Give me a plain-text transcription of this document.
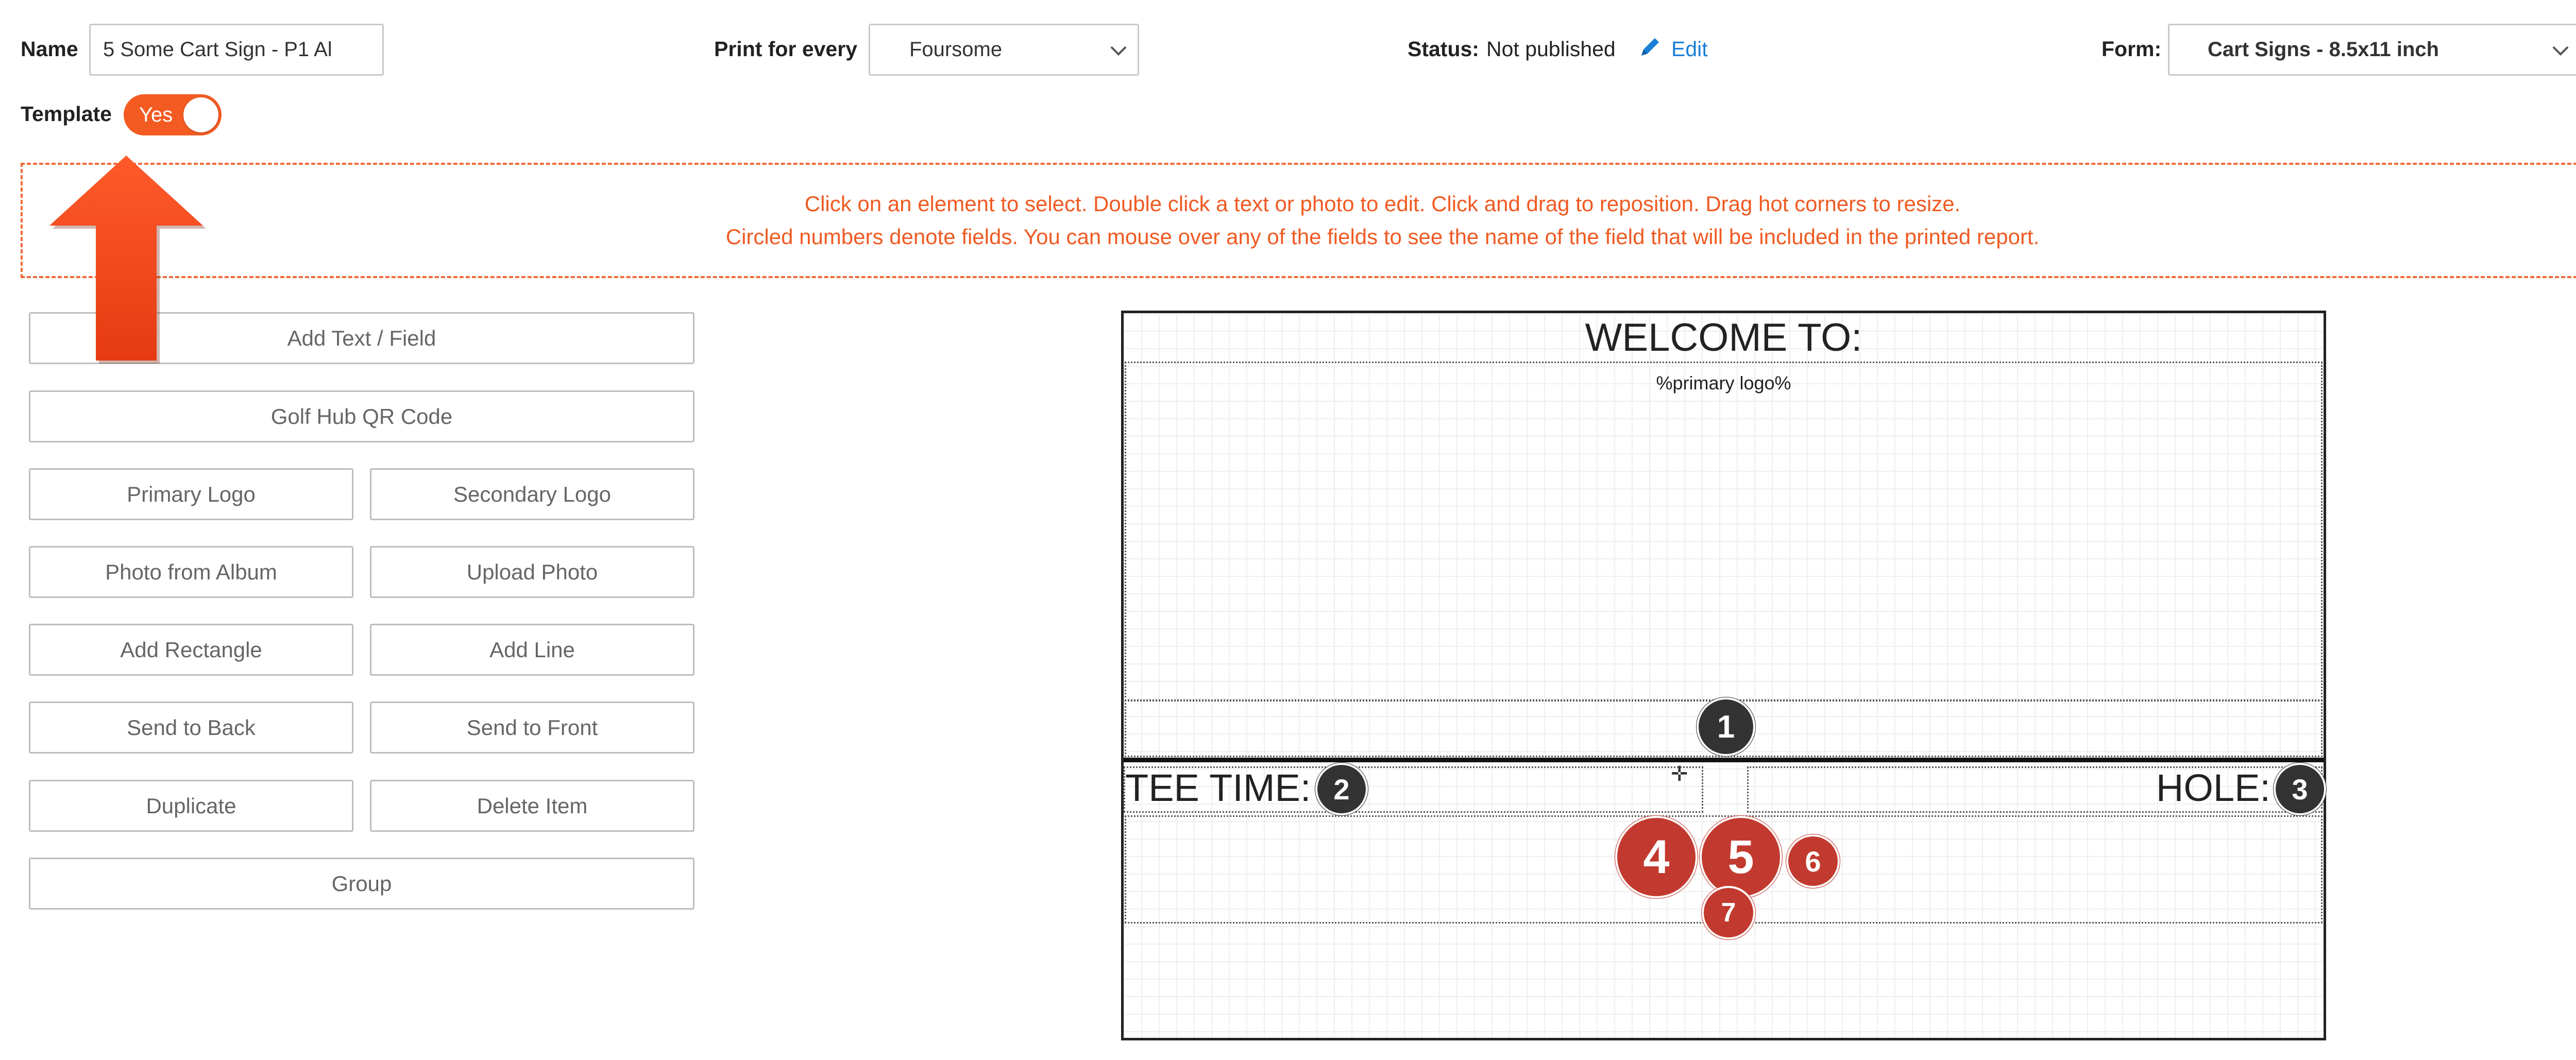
Name 5 Some Cart Sign - P1 Al	Print for every	Foursome	Status: Not published	Edit	Form: Cart Signs - 8.5x11 inch
Template Yes
Click on an element to select. Double click a text or photo to edit. Click and drag to reposition. Drag hot corners to resize.
Circled numbers denote fields. You can mouse over any of the fields to see the name of the field that will be included in the printed report.
Add Text / Field
Golf Hub QR Code
Primary Logo	Secondary Logo
Photo from Album	Upload Photo
Add Rectangle	Add Line
Send to Back	Send to Front
Duplicate	Delete Item
Group
WELCOME TO:
%primary logo%
✛
TEE TIME:	HOLE:
1
2	3
4	5	6
7
